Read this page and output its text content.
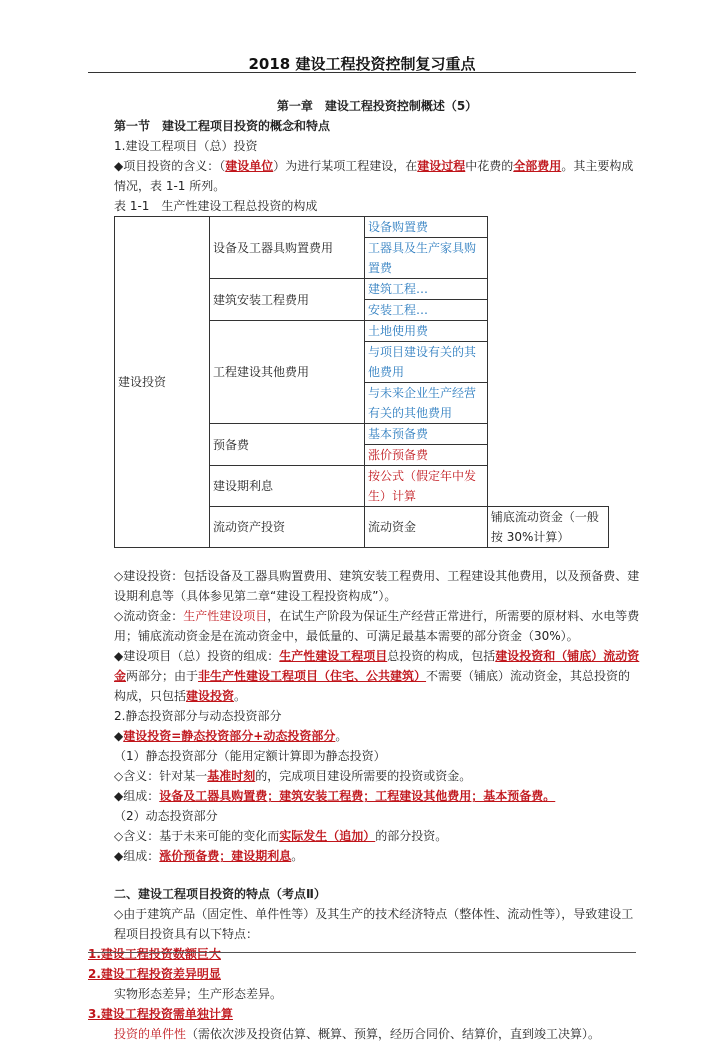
2018 建设工程投资控制复习重点

第一章　建设工程投资控制概述（5）

第一节　建设工程项目投资的概念和特点

1.建设工程项目（总）投资

◆项目投资的含义：（建设单位）为进行某项工程建设，在建设过程中花费的全部费用。其主要构成情况，表 1-1 所列。

表 1-1　生产性建设工程总投资的构成

建设投资	设备及工器具购置费用	设备购置费	
		工器具及生产家具购置费	
	建筑安装工程费用	建筑工程…	
		安装工程…	
	工程建设其他费用	土地使用费	
		与项目建设有关的其他费用	
		与未来企业生产经营有关的其他费用	
	预备费	基本预备费	
		涨价预备费	
	建设期利息	按公式（假定年中发生）计算	
	流动资产投资	流动资金	铺底流动资金（一般按 30%计算）

◇建设投资：包括设备及工器具购置费用、建筑安装工程费用、工程建设其他费用，以及预备费、建设期利息等（具体参见第二章“建设工程投资构成”）。

◇流动资金：生产性建设项目，在试生产阶段为保证生产经营正常进行，所需要的原材料、水电等费用；铺底流动资金是在流动资金中，最低量的、可满足最基本需要的部分资金（30%）。

◆建设项目（总）投资的组成：生产性建设工程项目总投资的构成，包括建设投资和（铺底）流动资金两部分；由于非生产性建设工程项目（住宅、公共建筑）不需要（铺底）流动资金，其总投资的构成，只包括建设投资。

2.静态投资部分与动态投资部分

◆建设投资=静态投资部分+动态投资部分。

（1）静态投资部分（能用定额计算即为静态投资）

◇含义：针对某一基准时刻的，完成项目建设所需要的投资或资金。

◆组成：设备及工器具购置费；建筑安装工程费；工程建设其他费用；基本预备费。

（2）动态投资部分

◇含义：基于未来可能的变化而实际发生（追加）的部分投资。

◆组成：涨价预备费；建设期利息。

二、建设工程项目投资的特点（考点Ⅱ）

◇由于建筑产品（固定性、单件性等）及其生产的技术经济特点（整体性、流动性等），导致建设工程项目投资具有以下特点：

1.建设工程投资数额巨大

2.建设工程投资差异明显

实物形态差异；生产形态差异。

3.建设工程投资需单独计算

投资的单件性（需依次涉及投资估算、概算、预算，经历合同价、结算价，直到竣工决算）。
